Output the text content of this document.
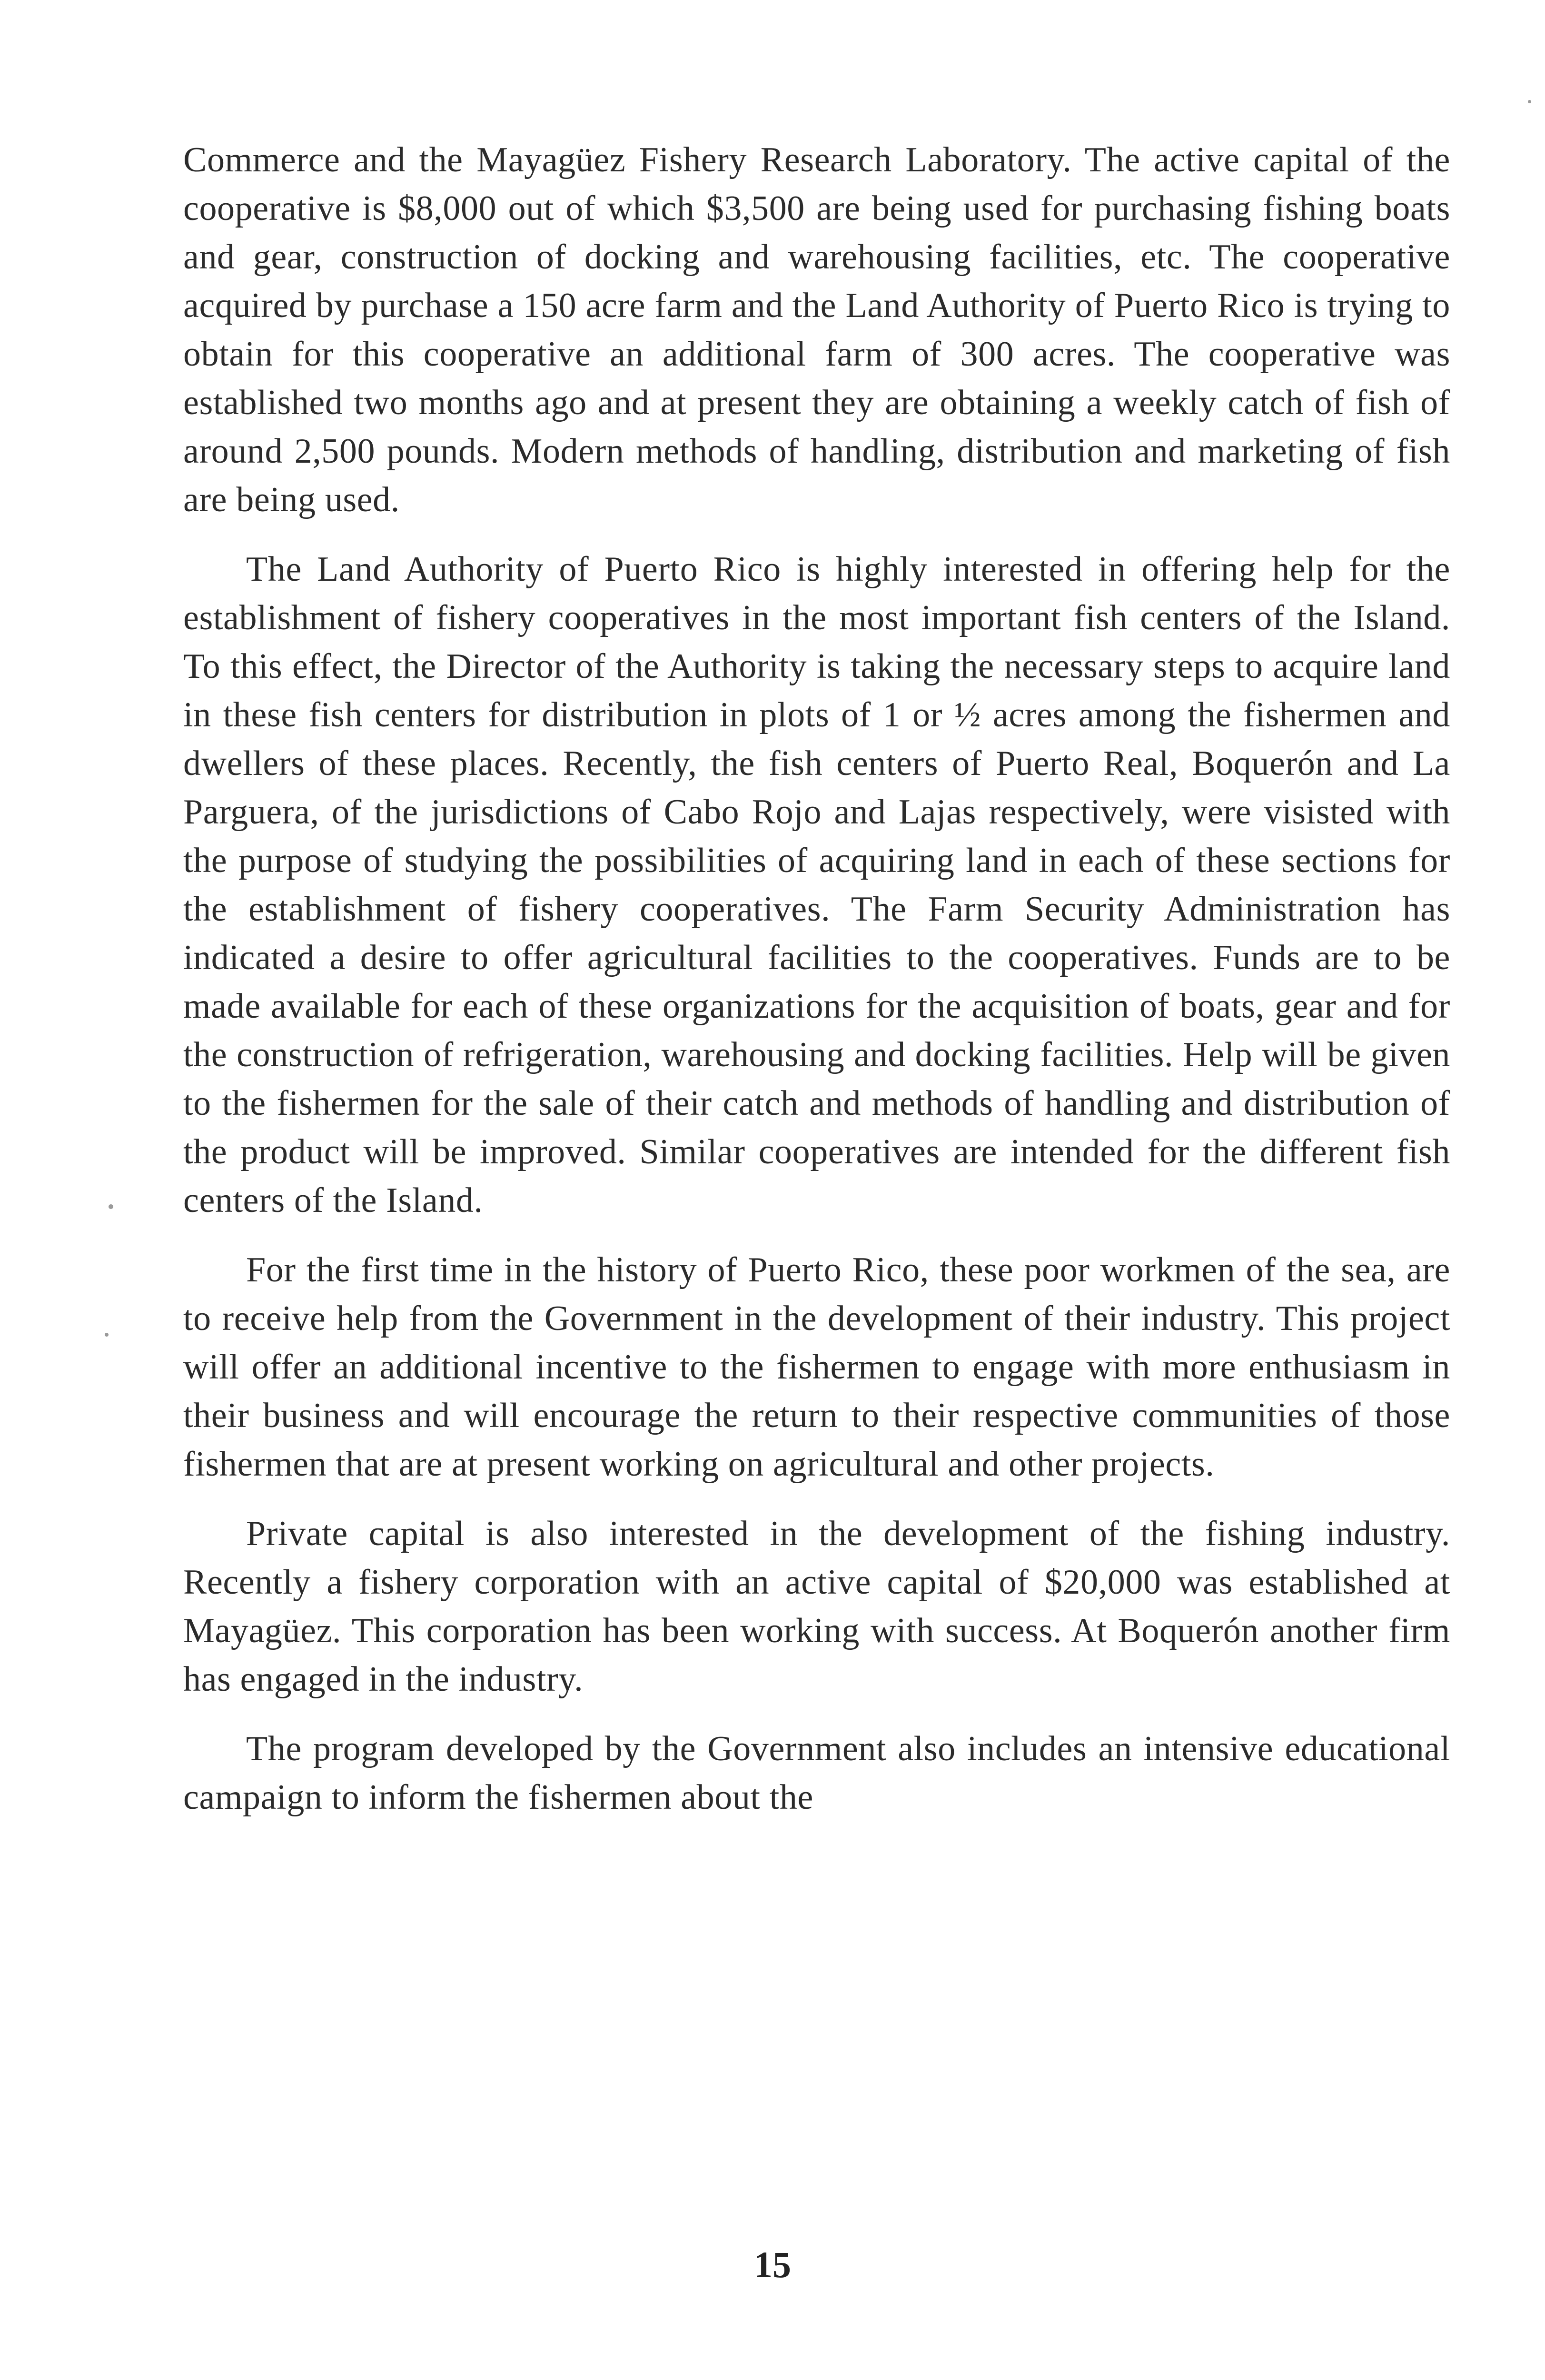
Commerce and the Mayagüez Fishery Research Laboratory. The active capital of the cooperative is $8,000 out of which $3,500 are being used for purchasing fishing boats and gear, construction of docking and warehousing facilities, etc. The cooperative acquired by purchase a 150 acre farm and the Land Authority of Puerto Rico is trying to obtain for this cooperative an additional farm of 300 acres. The cooperative was established two months ago and at present they are obtaining a weekly catch of fish of around 2,500 pounds. Modern methods of handling, distribution and marketing of fish are being used.

The Land Authority of Puerto Rico is highly interested in offering help for the establishment of fishery cooperatives in the most important fish centers of the Island. To this effect, the Director of the Authority is taking the necessary steps to acquire land in these fish centers for distribution in plots of 1 or ½ acres among the fishermen and dwellers of these places. Recently, the fish centers of Puerto Real, Boquerón and La Parguera, of the jurisdictions of Cabo Rojo and Lajas respectively, were visisted with the purpose of studying the possibilities of acquiring land in each of these sections for the establishment of fishery cooperatives. The Farm Security Administration has indicated a desire to offer agricultural facilities to the cooperatives. Funds are to be made available for each of these organizations for the acquisition of boats, gear and for the construction of refrigeration, warehousing and docking facilities. Help will be given to the fishermen for the sale of their catch and methods of handling and distribution of the product will be improved. Similar cooperatives are intended for the different fish centers of the Island.

For the first time in the history of Puerto Rico, these poor workmen of the sea, are to receive help from the Government in the development of their industry. This project will offer an additional incentive to the fishermen to engage with more enthusiasm in their business and will encourage the return to their respective communities of those fishermen that are at present working on agricultural and other projects.

Private capital is also interested in the development of the fishing industry. Recently a fishery corporation with an active capital of $20,000 was established at Mayagüez. This corporation has been working with success. At Boquerón another firm has engaged in the industry.

The program developed by the Government also includes an intensive educational campaign to inform the fishermen about the

15
